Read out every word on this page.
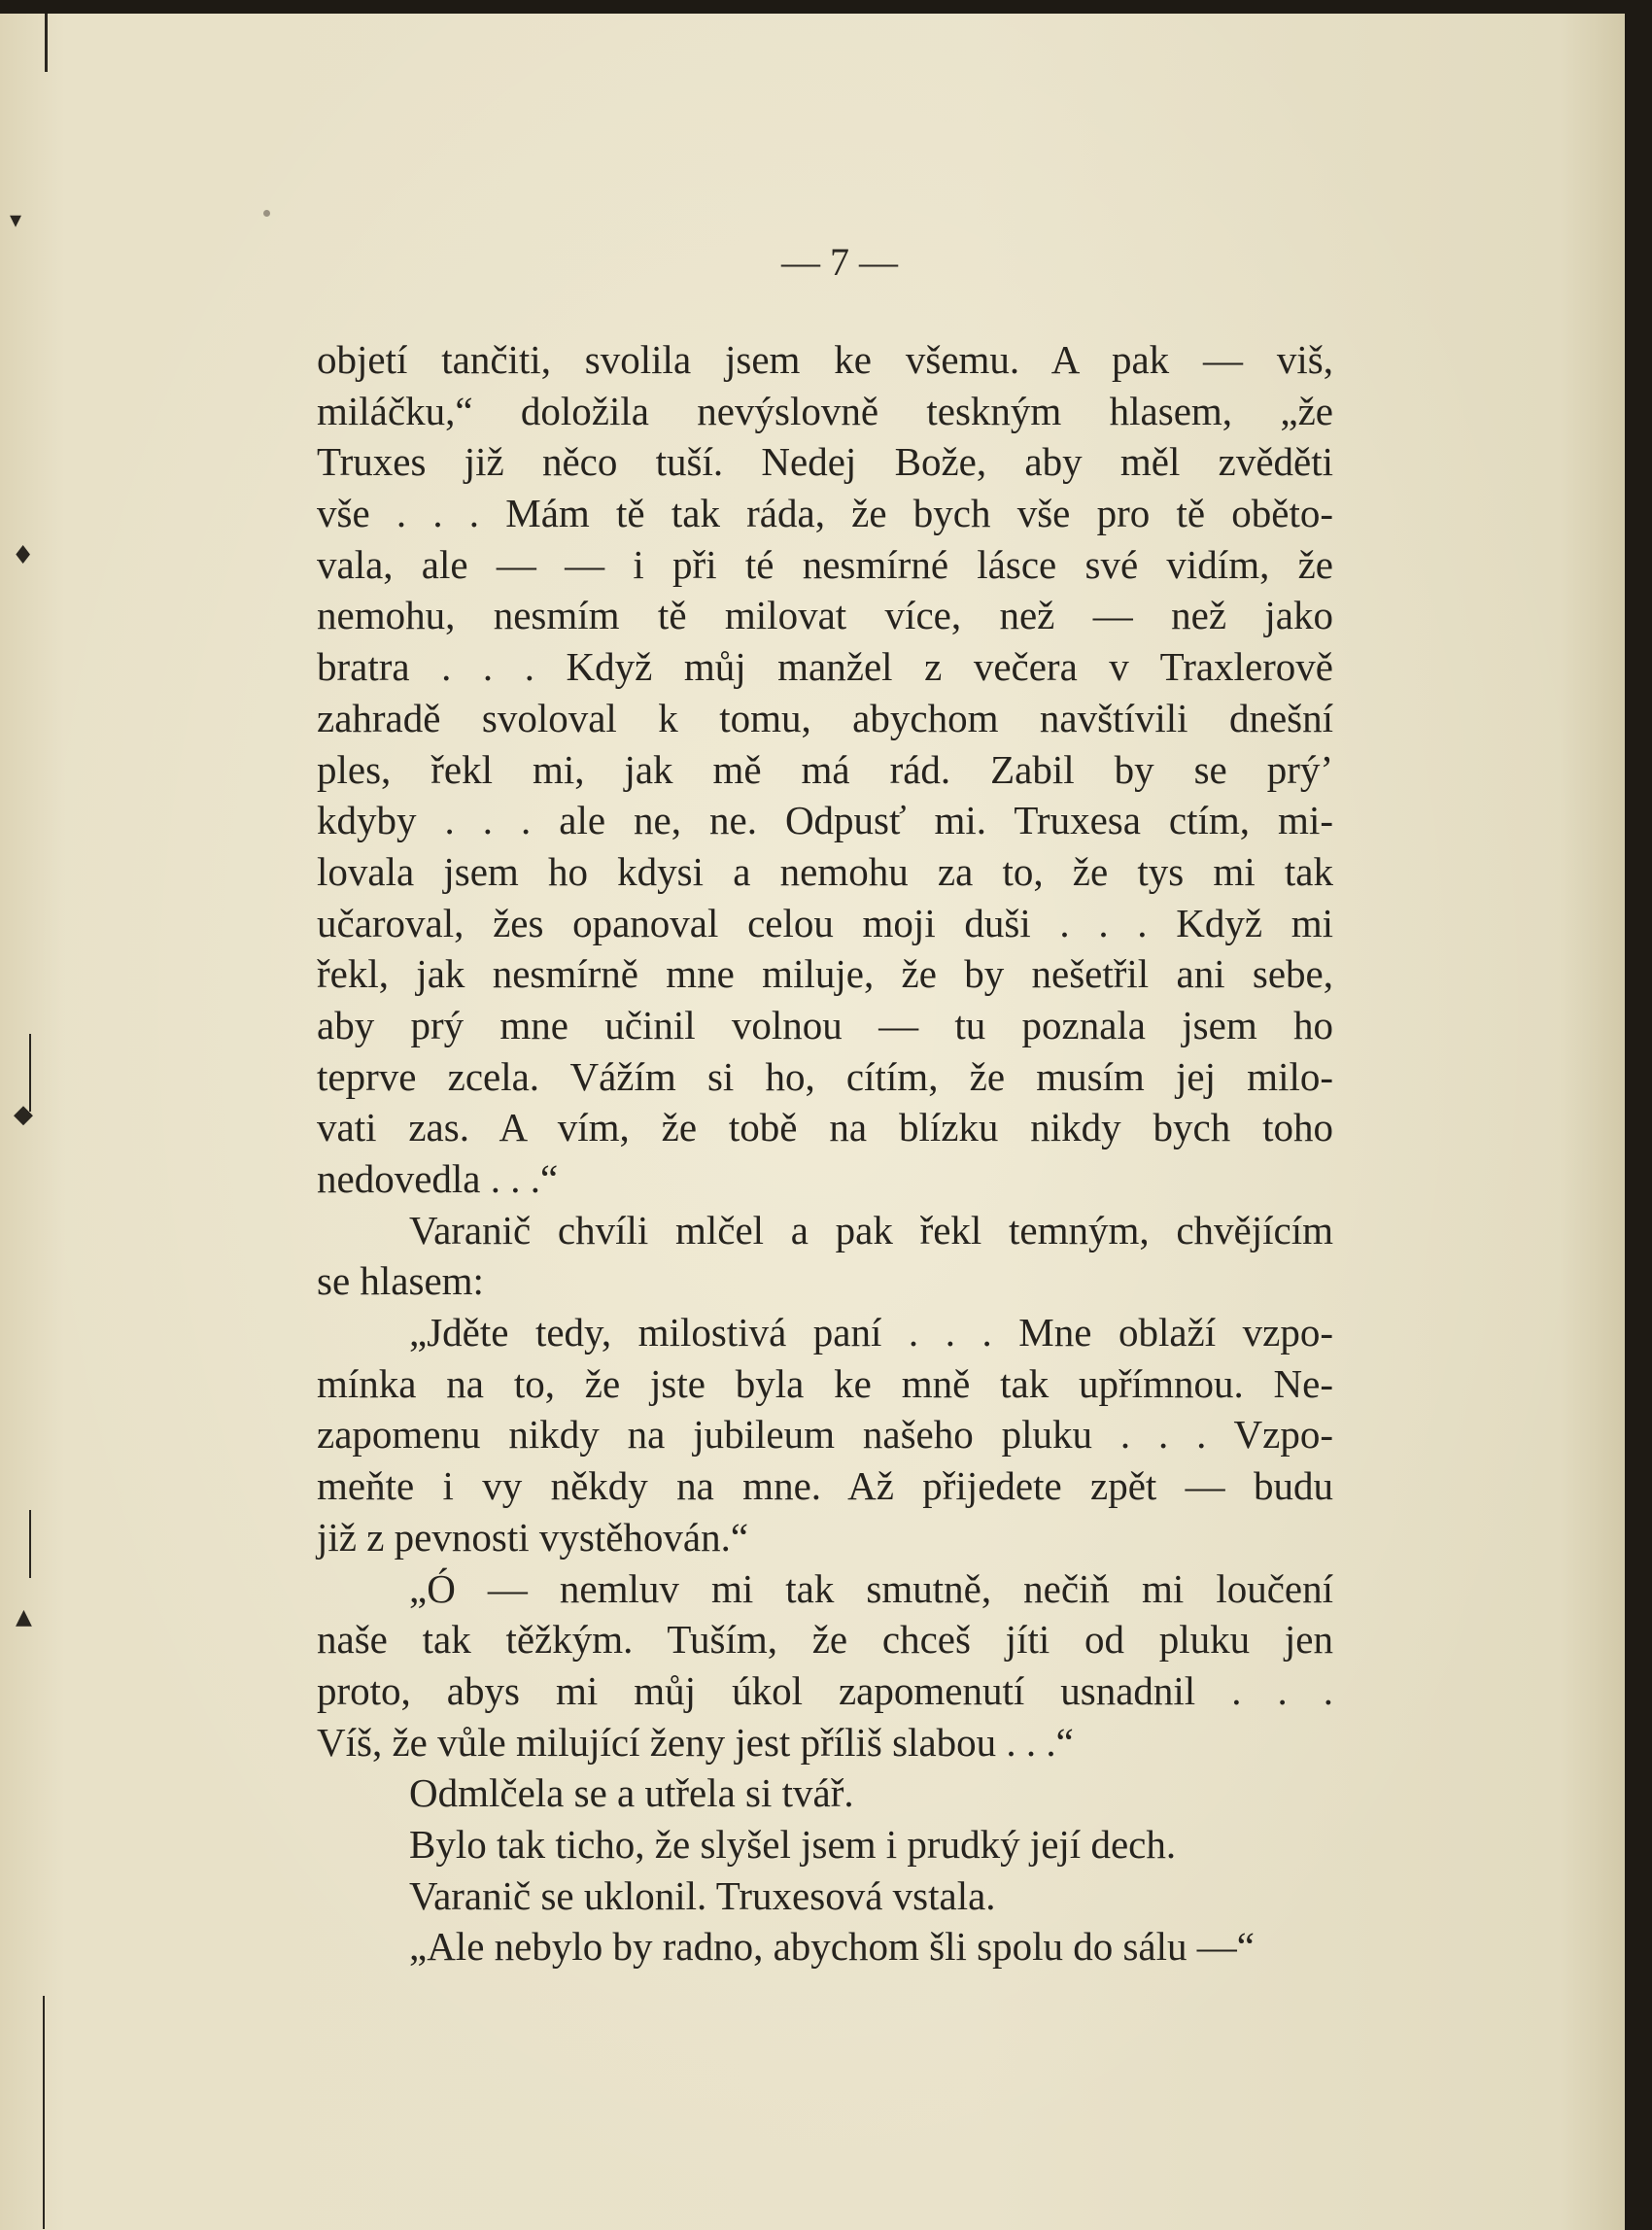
▾
♦
◆
▲
— 7 —
objetí tančiti, svolila jsem ke všemu. A pak — viš,
miláčku,“ doložila nevýslovně teskným hlasem, „že
Truxes již něco tuší. Nedej Bože, aby měl zvěděti
vše . . . Mám tě tak ráda, že bych vše pro tě oběto-
vala, ale — — i při té nesmírné lásce své vidím, že
nemohu, nesmím tě milovat více, než — než jako
bratra . . . Když můj manžel z večera v Traxlerově
zahradě svoloval k tomu, abychom navštívili dnešní
ples, řekl mi, jak mě má rád. Zabil by se prý’
kdyby . . . ale ne, ne. Odpusť mi. Truxesa ctím, mi-
lovala jsem ho kdysi a nemohu za to, že tys mi tak
učaroval, žes opanoval celou moji duši . . . Když mi
řekl, jak nesmírně mne miluje, že by nešetřil ani sebe,
aby prý mne učinil volnou — tu poznala jsem ho
teprve zcela. Vážím si ho, cítím, že musím jej milo-
vati zas. A vím, že tobě na blízku nikdy bych toho
nedovedla . . .“
Varanič chvíli mlčel a pak řekl temným, chvějícím
se hlasem:
„Jděte tedy, milostivá paní . . . Mne oblaží vzpo-
mínka na to, že jste byla ke mně tak upřímnou. Ne-
zapomenu nikdy na jubileum našeho pluku . . . Vzpo-
meňte i vy někdy na mne. Až přijedete zpět — budu
již z pevnosti vystěhován.“
„Ó — nemluv mi tak smutně, nečiň mi loučení
naše tak těžkým. Tuším, že chceš jíti od pluku jen
proto, abys mi můj úkol zapomenutí usnadnil . . .
Víš, že vůle milující ženy jest příliš slabou . . .“
Odmlčela se a utřela si tvář.
Bylo tak ticho, že slyšel jsem i prudký její dech.
Varanič se uklonil. Truxesová vstala.
„Ale nebylo by radno, abychom šli spolu do sálu —“
